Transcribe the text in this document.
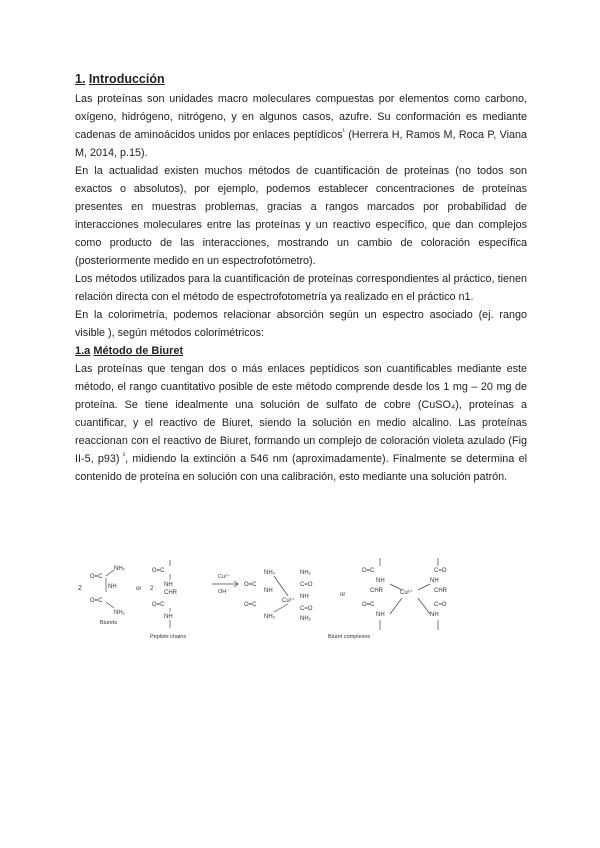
1. Introducción

Las proteínas son unidades macro moleculares compuestas por elementos como carbono, oxígeno, hidrógeno, nitrógeno, y en algunos casos, azufre. Su conformación es mediante cadenas de aminoácidos unidos por enlaces peptídicos$^{^1}$ (Herrera H, Ramos M, Roca P, Viana M, 2014, p.15).

En la actualidad existen muchos métodos de cuantificación de proteínas (no todos son exactos o absolutos), por ejemplo, podemos establecer concentraciones de proteínas presentes en muestras problemas, gracias a rangos marcados por probabilidad de interacciones moleculares entre las proteínas y un reactivo específico, que dan complejos como producto de las interacciones, mostrando un cambio de coloración específica (posteriormente medido en un espectrofotómetro).

Los métodos utilizados para la cuantificación de proteínas correspondientes al práctico, tienen relación directa con el método de espectrofotometría ya realizado en el práctico n1.

En la colorimetría, podemos relacionar absorción según un espectro asociado (ej. rango visible ), según métodos colorimétricos:

1.a Método de Biuret

Las proteínas que tengan dos o más enlaces peptídicos son cuantificables mediante este método, el rango cuantitativo posible de este método comprende desde los 1 mg – 20 mg de proteína. Se tiene idealmente una solución de sulfato de cobre (CuSO₄), proteínas a cuantificar, y el reactivo de Biuret, siendo la solución en medio alcalino. Las proteínas reaccionan con el reactivo de Biuret, formando un complejo de coloración violeta azulado (Fig II-5, p93) $^{^2}$, midiendo la extinción a 546 nm (aproximadamente). Finalmente se determina el contenido de proteína en solución con una calibración, esto mediante una solución patrón.

2
O=C
NH₂
NH
O=C
NH₂
Biurets
or
O=C
NH
2
CHR
O=C
NH
Peptide chains
Cu²⁺
OH⁻
O=C
NH₂
NH
O=C
Cu²⁺
NH₂
NH₂
C=O
NH
C=O
NH₂
or
O=C
NH
CHR
O=C
NH
Cu²⁺
C=O
NH
CHR
C=O
NH
Biuret complexes
